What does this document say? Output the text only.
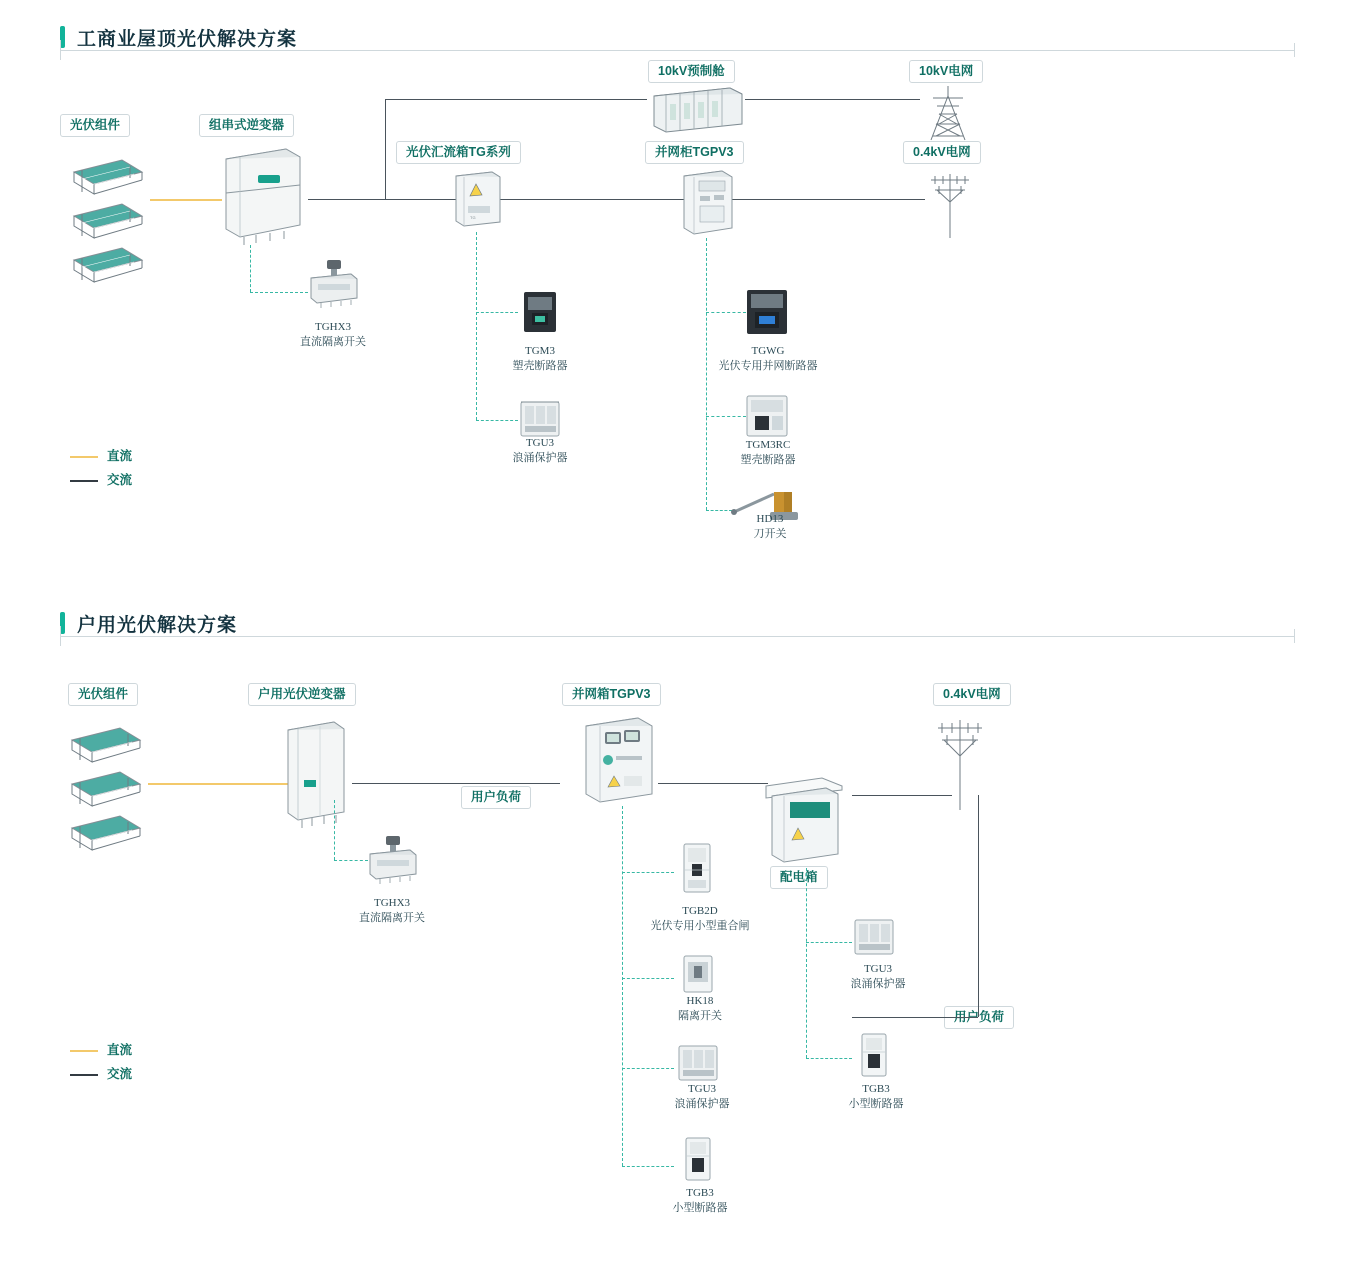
工商业屋顶光伏解决方案
光伏组件	组串式逆变器
光伏汇流箱TG系列	并网柜TGPV3
10kV预制舱	10kV电网
0.4kV电网
TG
TGHX3
直流隔离开关
TGM3
塑壳断路器
TGU3
浪涌保护器
TGWG
光伏专用并网断路器
TGM3RC
塑壳断路器
HD13
刀开关
直流
交流
户用光伏解决方案
光伏组件	户用光伏逆变器	并网箱TGPV3	0.4kV电网
配电箱
用户负荷
用户负荷
TGHX3
直流隔离开关
TGB2D
光伏专用小型重合闸
HK18
隔离开关
TGU3
浪涌保护器
TGB3
小型断路器
TGU3
浪涌保护器
TGB3
小型断路器
直流
交流
